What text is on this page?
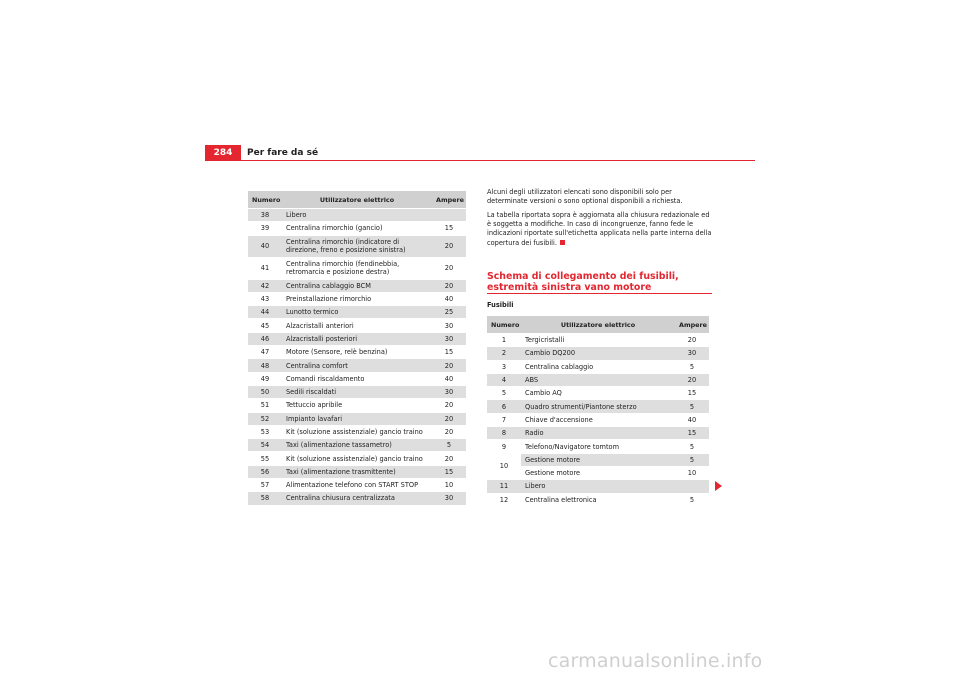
284	Per fare da sé
Numero	Utilizzatore elettrico	Ampere
38	Libero	
39	Centralina rimorchio (gancio)	15
40	Centralina rimorchio (indicatore di direzione, freno e posizione sinistra)	20
41	Centralina rimorchio (fendinebbia, retromarcia e posizione destra)	20
42	Centralina cablaggio BCM	20
43	Preinstallazione rimorchio	40
44	Lunotto termico	25
45	Alzacristalli anteriori	30
46	Alzacristalli posteriori	30
47	Motore (Sensore, relè benzina)	15
48	Centralina comfort	20
49	Comandi riscaldamento	40
50	Sedili riscaldati	30
51	Tettuccio apribile	20
52	Impianto lavafari	20
53	Kit (soluzione assistenziale) gancio traino	20
54	Taxi (alimentazione tassametro)	5
55	Kit (soluzione assistenziale) gancio traino	20
56	Taxi (alimentazione trasmittente)	15
57	Alimentazione telefono con START STOP	10
58	Centralina chiusura centralizzata	30
Alcuni degli utilizzatori elencati sono disponibili solo per determinate versioni o sono optional disponibili a richiesta.
La tabella riportata sopra è aggiornata alla chiusura redazionale ed è soggetta a modifiche. In caso di incongruenze, fanno fede le indicazioni riportate sull'etichetta applicata nella parte interna della copertura dei fusibili.
Schema di collegamento dei fusibili, estremità sinistra vano motore
Fusibili
Numero	Utilizzatore elettrico	Ampere
1	Tergicristalli	20
2	Cambio DQ200	30
3	Centralina cablaggio	5
4	ABS	20
5	Cambio AQ	15
6	Quadro strumenti/Piantone sterzo	5
7	Chiave d'accensione	40
8	Radio	15
9	Telefono/Navigatore tomtom	5
10	Gestione motore	5
	Gestione motore	10
11	Libero	
12	Centralina elettronica	5
carmanualsonline.info
